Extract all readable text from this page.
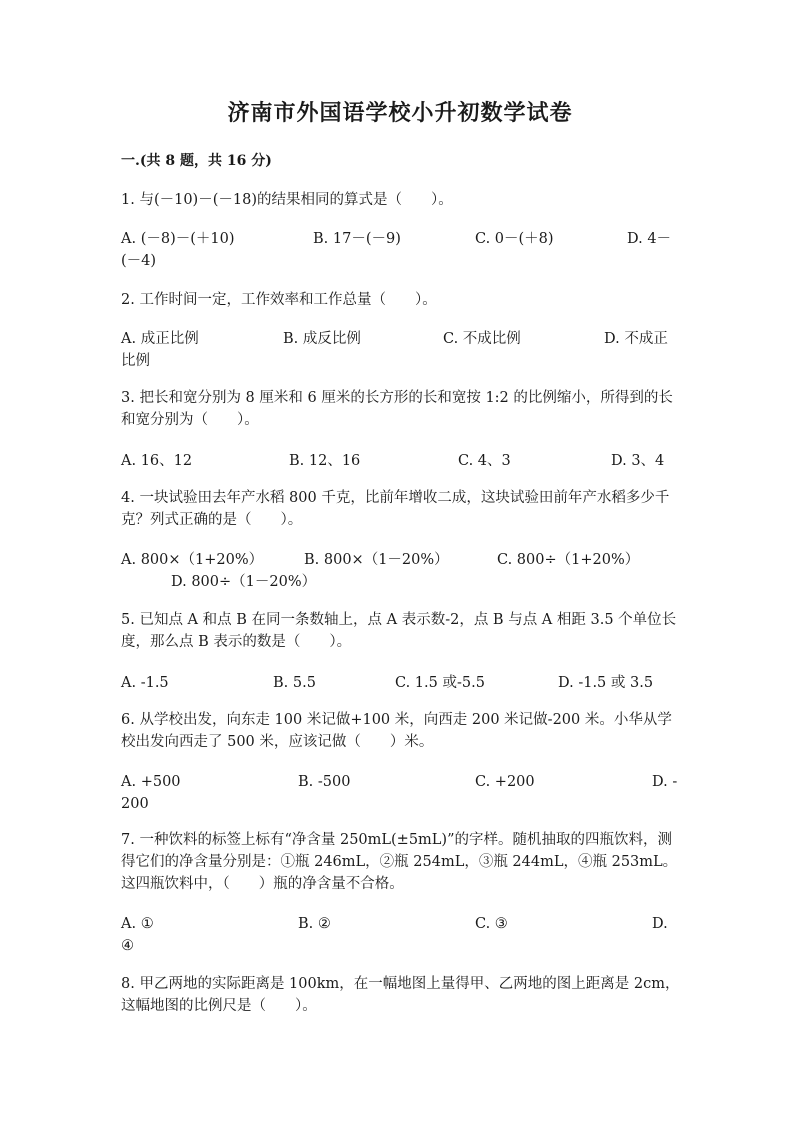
济南市外国语学校小升初数学试卷
一.(共 8 题，共 16 分)
1. 与(－10)－(－18)的结果相同的算式是（　　）。
A. (－8)－(＋10)	B. 17－(－9)	C. 0－(＋8)	D. 4－
(－4)
2. 工作时间一定，工作效率和工作总量（　　）。
A. 成正比例	B. 成反比例	C. 不成比例	D. 不成正
比例
3. 把长和宽分别为 8 厘米和 6 厘米的长方形的长和宽按 1:2 的比例缩小，所得到的长和宽分别为（　　）。
A. 16、12	B. 12、16	C. 4、3	D. 3、4
4. 一块试验田去年产水稻 800 千克，比前年增收二成，这块试验田前年产水稻多少千克？列式正确的是（　　）。
A. 800×（1+20%）	B. 800×（1－20%）	C. 800÷（1+20%）
D. 800÷（1－20%）
5. 已知点 A 和点 B 在同一条数轴上，点 A 表示数-2，点 B 与点 A 相距 3.5 个单位长度，那么点 B 表示的数是（　　）。
A. -1.5	B. 5.5	C. 1.5 或-5.5	D. -1.5 或 3.5
6. 从学校出发，向东走 100 米记做+100 米，向西走 200 米记做-200 米。小华从学校出发向西走了 500 米，应该记做（　　）米。
A. +500	B. -500	C. +200	D. -
200
7. 一种饮料的标签上标有“净含量 250mL(±5mL)”的字样。随机抽取的四瓶饮料，测得它们的净含量分别是：①瓶 246mL，②瓶 254mL，③瓶 244mL，④瓶 253mL。这四瓶饮料中，（　　）瓶的净含量不合格。
A. ①	B. ②	C. ③	D.
④
8. 甲乙两地的实际距离是 100km，在一幅地图上量得甲、乙两地的图上距离是 2cm，这幅地图的比例尺是（　　）。
